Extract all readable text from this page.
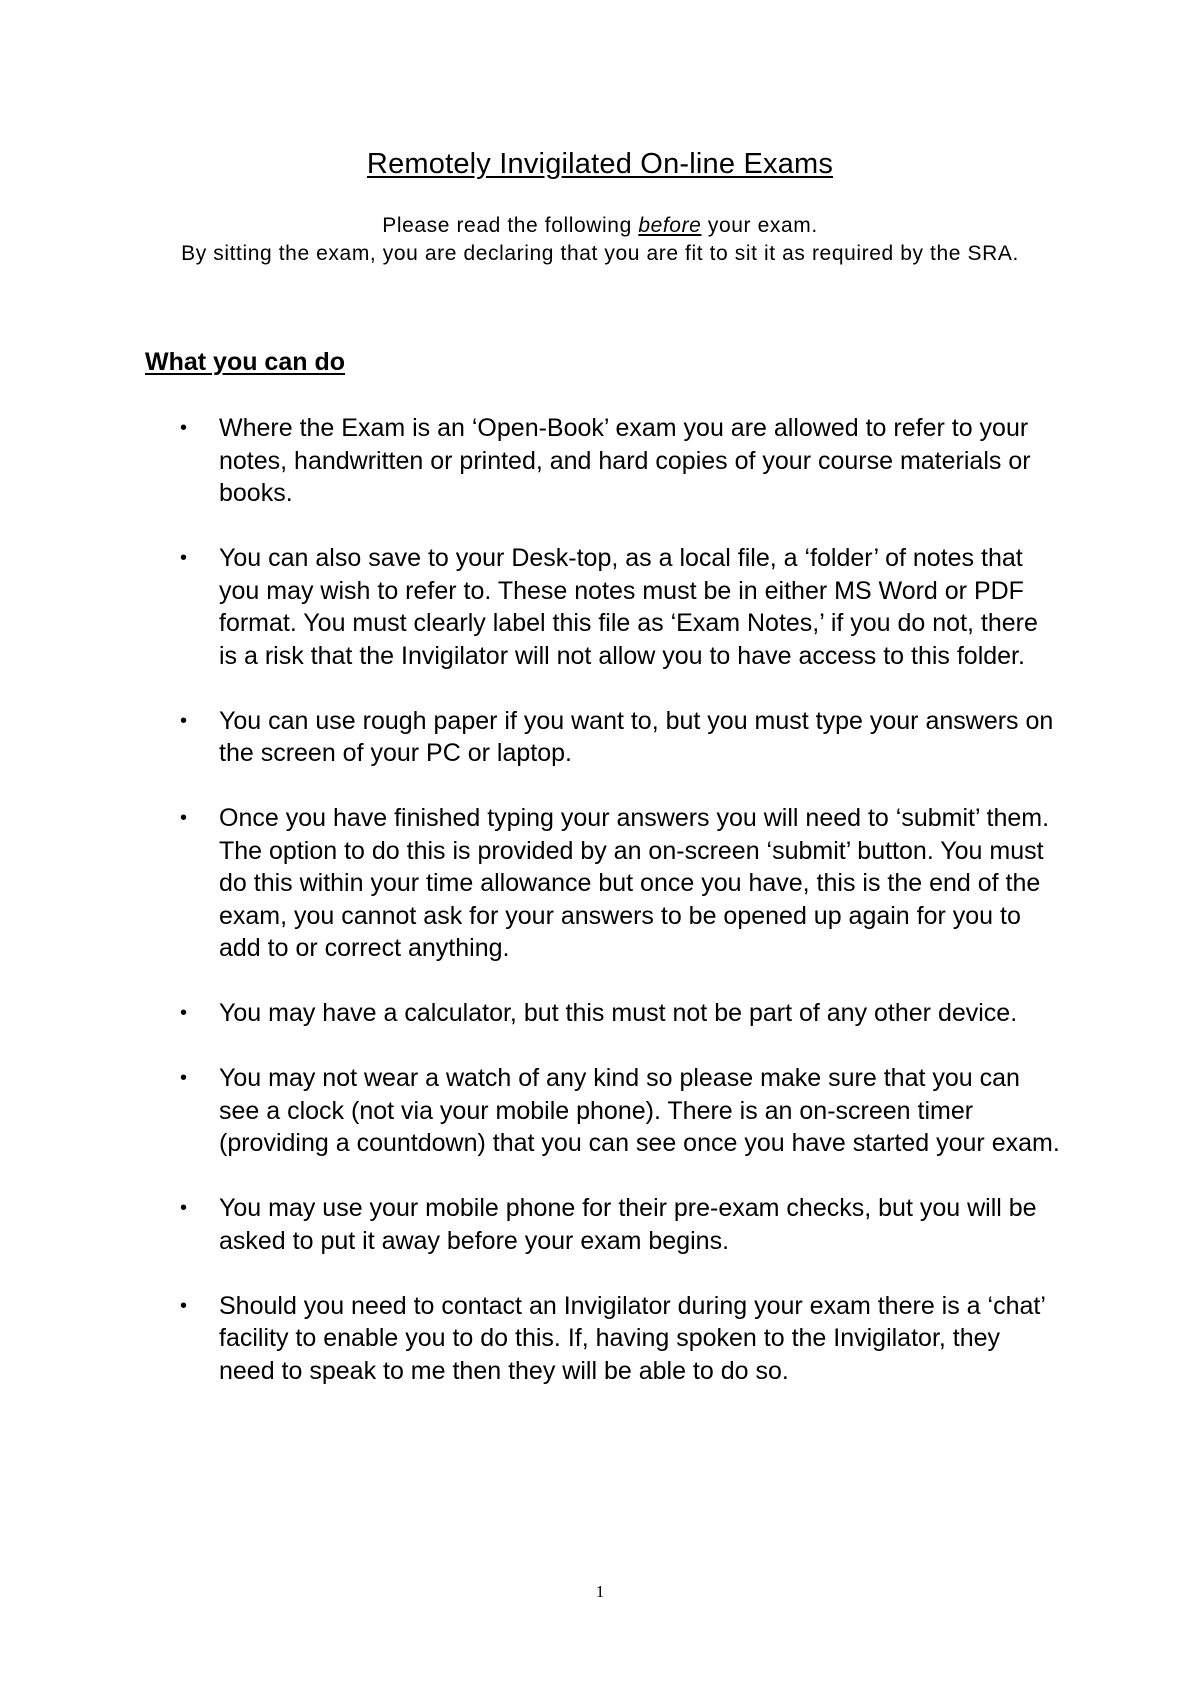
Remotely Invigilated On-line Exams

Please read the following before your exam.

By sitting the exam, you are declaring that you are fit to sit it as required by the SRA.

What you can do
•	Where the Exam is an ‘Open-Book’ exam you are allowed to refer to your notes, handwritten or printed, and hard copies of your course materials or books.
•	You can also save to your Desk-top, as a local file, a ‘folder’ of notes that you may wish to refer to. These notes must be in either MS Word or PDF format. You must clearly label this file as ‘Exam Notes,’ if you do not, there is a risk that the Invigilator will not allow you to have access to this folder.
•	You can use rough paper if you want to, but you must type your answers on the screen of your PC or laptop.
•	Once you have finished typing your answers you will need to ‘submit’ them. The option to do this is provided by an on-screen ‘submit’ button. You must do this within your time allowance but once you have, this is the end of the exam, you cannot ask for your answers to be opened up again for you to add to or correct anything.
•	You may have a calculator, but this must not be part of any other device.
•	You may not wear a watch of any kind so please make sure that you can see a clock (not via your mobile phone). There is an on-screen timer (providing a countdown) that you can see once you have started your exam.
•	You may use your mobile phone for their pre-exam checks, but you will be asked to put it away before your exam begins.
•	Should you need to contact an Invigilator during your exam there is a ‘chat’ facility to enable you to do this. If, having spoken to the Invigilator, they need to speak to me then they will be able to do so.
1
